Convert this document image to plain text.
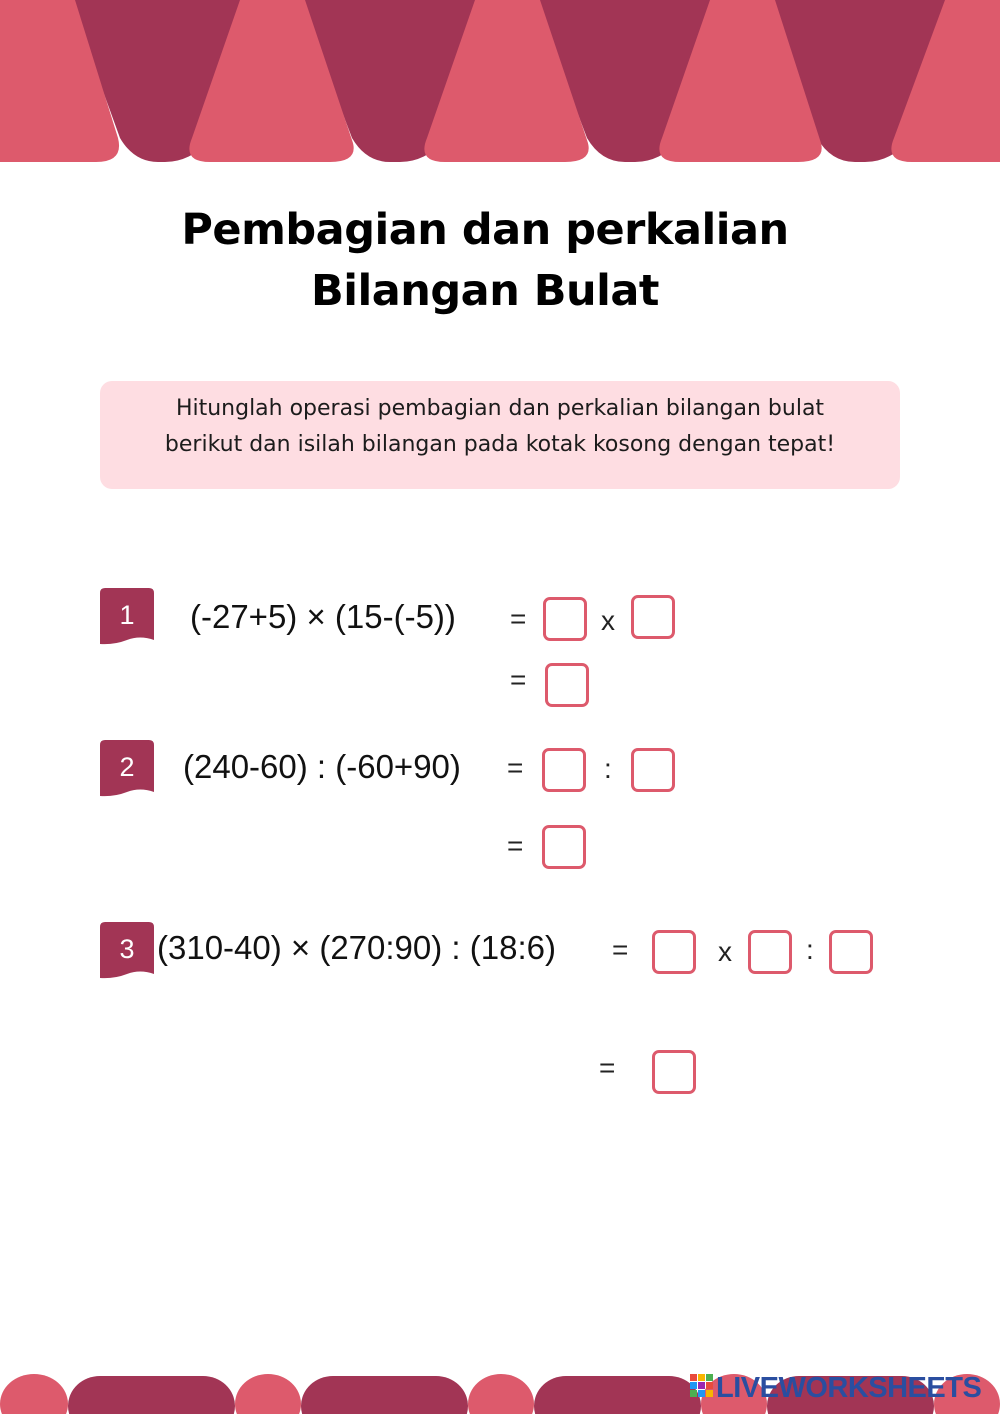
Pembagian dan perkalian
Bilangan Bulat
Hitunglah operasi pembagian dan perkalian bilangan bulat
berikut dan isilah bilangan pada kotak kosong dengan tepat!
1	(-27+5) × (15-(-5)) =	x
=
2	(240-60) : (-60+90) =	:
=
3 (310-40) × (270:90) : (18:6) =	x	:
=
LIVEWORKSHEETS
